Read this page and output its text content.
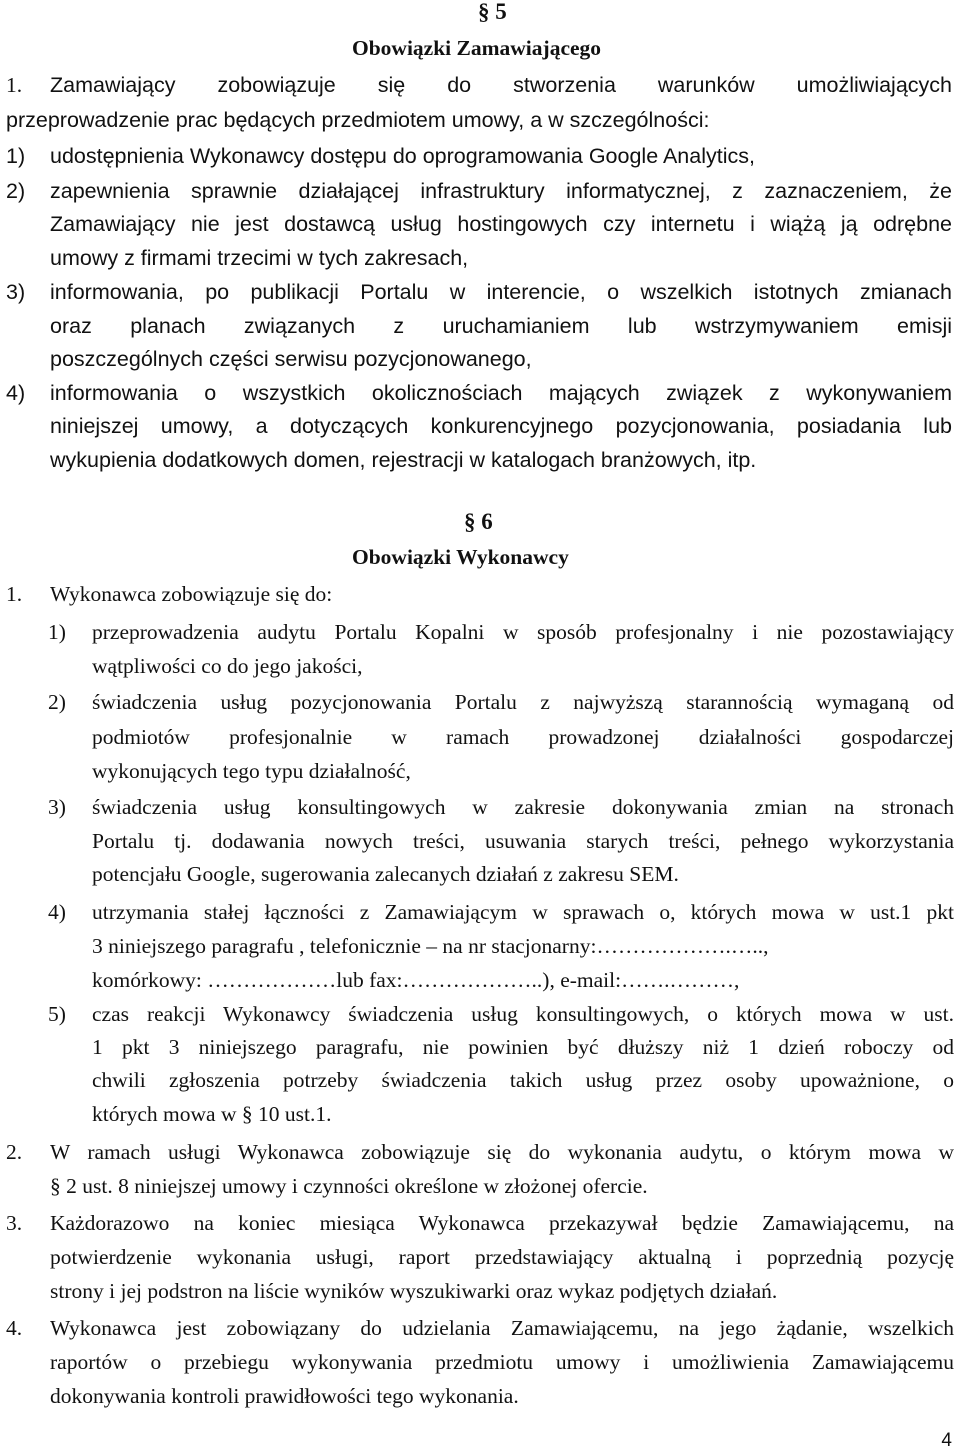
§ 5
Obowiązki Zamawiającego
1. Zamawiający zobowiązuje się do stworzenia warunków umożliwiających
przeprowadzenie prac będących przedmiotem umowy, a w szczególności:
1) udostępnienia Wykonawcy dostępu do oprogramowania Google Analytics,
2) zapewnienia sprawnie działającej infrastruktury informatycznej, z zaznaczeniem, że
Zamawiający nie jest dostawcą usług hostingowych czy internetu i wiążą ją odrębne
umowy z firmami trzecimi w tych zakresach,
3) informowania, po publikacji Portalu w interencie, o wszelkich istotnych zmianach
oraz planach związanych z uruchamianiem lub wstrzymywaniem emisji
poszczególnych części serwisu pozycjonowanego,
4) informowania o wszystkich okolicznościach mających związek z wykonywaniem
niniejszej umowy, a dotyczących konkurencyjnego pozycjonowania, posiadania lub
wykupienia dodatkowych domen, rejestracji w katalogach branżowych, itp.
§ 6
Obowiązki Wykonawcy
1. Wykonawca zobowiązuje się do:
1) przeprowadzenia audytu Portalu Kopalni w sposób profesjonalny i nie pozostawiający
wątpliwości co do jego jakości,
2) świadczenia usług pozycjonowania Portalu z najwyższą starannością wymaganą od
podmiotów profesjonalnie w ramach prowadzonej działalności gospodarczej
wykonujących tego typu działalność,
3) świadczenia usług konsultingowych w zakresie dokonywania zmian na stronach
Portalu tj. dodawania nowych treści, usuwania starych treści, pełnego wykorzystania
potencjału Google, sugerowania zalecanych działań z zakresu SEM.
4) utrzymania stałej łączności z Zamawiającym w sprawach o, których mowa w ust.1 pkt
3 niniejszego paragrafu , telefonicznie – na nr stacjonarny:……………….…..,
komórkowy: ………………lub fax:………………..), e-mail:…….………,
5) czas reakcji Wykonawcy świadczenia usług konsultingowych, o których mowa w ust.
1 pkt 3 niniejszego paragrafu, nie powinien być dłuższy niż 1 dzień roboczy od
chwili zgłoszenia potrzeby świadczenia takich usług przez osoby upoważnione, o
których mowa w § 10 ust.1.
2. W ramach usługi Wykonawca zobowiązuje się do wykonania audytu, o którym mowa w
§ 2 ust. 8 niniejszej umowy i czynności określone w złożonej ofercie.
3. Każdorazowo na koniec miesiąca Wykonawca przekazywał będzie Zamawiającemu, na
potwierdzenie wykonania usługi, raport przedstawiający aktualną i poprzednią pozycję
strony i jej podstron na liście wyników wyszukiwarki oraz wykaz podjętych działań.
4. Wykonawca jest zobowiązany do udzielania Zamawiającemu, na jego żądanie, wszelkich
raportów o przebiegu wykonywania przedmiotu umowy i umożliwienia Zamawiającemu
dokonywania kontroli prawidłowości tego wykonania.
4
